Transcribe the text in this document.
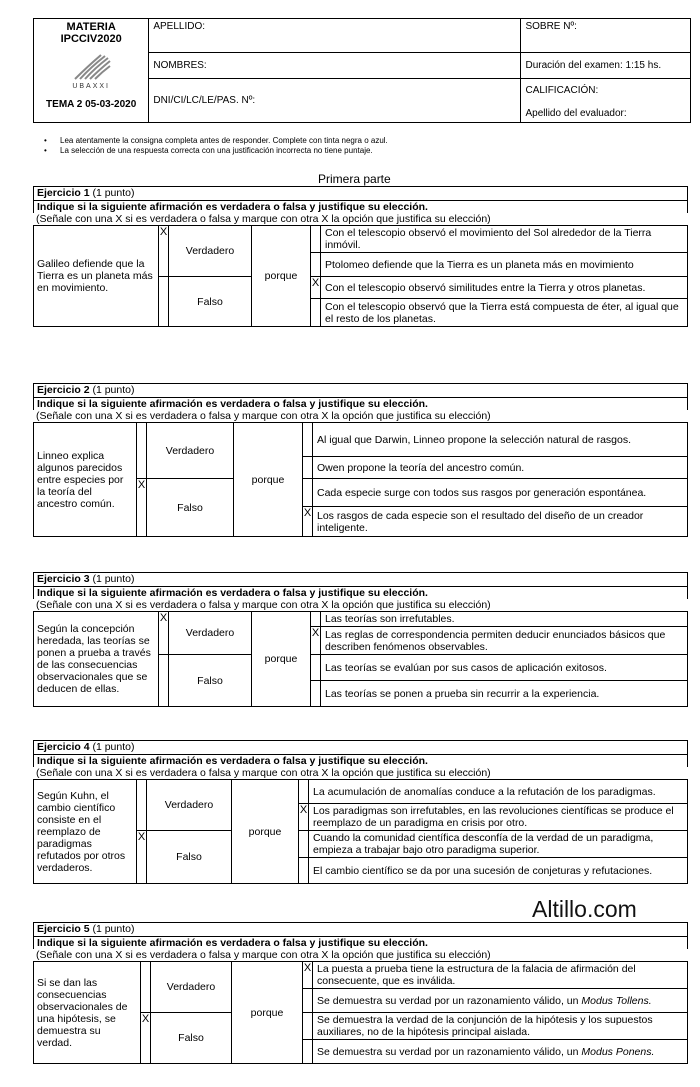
MATERIA
IPCCIV2020
UBAXXI
TEMA 2 05-03-2020	APELLIDO:	SOBRE Nº:
	NOMBRES:	Duración del examen: 1:15 hs.
	DNI/CI/LC/LE/PAS. Nº:	CALIFICACIÓN:
Apellido del evaluador:
• Lea atentamente la consigna completa antes de responder. Complete con tinta negra o azul.
• La selección de una respuesta correcta con una justificación incorrecta no tiene puntaje.
Primera parte
Ejercicio 1 (1 punto)
Indique si la siguiente afirmación es verdadera o falsa y justifique su elección.
(Señale con una X si es verdadera o falsa y marque con otra X la opción que justifica su elección)
Galileo defiende que la Tierra es un planeta más en movimiento.	X	Verdadero	porque		Con el telescopio observó el movimiento del Sol alrededor de la Tierra inmóvil.
					Ptolomeo defiende que la Tierra es un planeta más en movimiento
		Falso		X	Con el telescopio observó similitudes entre la Tierra y otros planetas.
					Con el telescopio observó que la Tierra está compuesta de éter, al igual que el resto de los planetas.
Ejercicio 2 (1 punto)
Indique si la siguiente afirmación es verdadera o falsa y justifique su elección.
(Señale con una X si es verdadera o falsa y marque con otra X la opción que justifica su elección)
Linneo explica algunos parecidos entre especies por la teoría del ancestro común.		Verdadero	porque		Al igual que Darwin, Linneo propone la selección natural de rasgos.
					Owen propone la teoría del ancestro común.
	X	Falso			Cada especie surge con todos sus rasgos por generación espontánea.
				X	Los rasgos de cada especie son el resultado del diseño de un creador inteligente.
Ejercicio 3 (1 punto)
Indique si la siguiente afirmación es verdadera o falsa y justifique su elección.
(Señale con una X si es verdadera o falsa y marque con otra X la opción que justifica su elección)
Según la concepción heredada, las teorías se ponen a prueba a través de las consecuencias observacionales que se deducen de ellas.	X	Verdadero	porque		Las teorías son irrefutables.
				X	Las reglas de correspondencia permiten deducir enunciados básicos que describen fenómenos observables.
		Falso			Las teorías se evalúan por sus casos de aplicación exitosos.
					Las teorías se ponen a prueba sin recurrir a la experiencia.
Ejercicio 4 (1 punto)
Indique si la siguiente afirmación es verdadera o falsa y justifique su elección.
(Señale con una X si es verdadera o falsa y marque con otra X la opción que justifica su elección)
Según Kuhn, el cambio científico consiste en el reemplazo de paradigmas refutados por otros verdaderos.		Verdadero	porque		La acumulación de anomalías conduce a la refutación de los paradigmas.
				X	Los paradigmas son irrefutables, en las revoluciones científicas se produce el reemplazo de un paradigma en crisis por otro.
	X	Falso			Cuando la comunidad científica desconfía de la verdad de un paradigma, empieza a trabajar bajo otro paradigma superior.
					El cambio científico se da por una sucesión de conjeturas y refutaciones.
Ejercicio 5 (1 punto)
Indique si la siguiente afirmación es verdadera o falsa y justifique su elección.
(Señale con una X si es verdadera o falsa y marque con otra X la opción que justifica su elección)
Si se dan las consecuencias observacionales de una hipótesis, se demuestra su verdad.		Verdadero	porque	X	La puesta a prueba tiene la estructura de la falacia de afirmación del consecuente, que es inválida.
					Se demuestra su verdad por un razonamiento válido, un Modus Tollens.
	X	Falso			Se demuestra la verdad de la conjunción de la hipótesis y los supuestos auxiliares, no de la hipótesis principal aislada.
					Se demuestra su verdad por un razonamiento válido, un Modus Ponens.
Altillo.com
